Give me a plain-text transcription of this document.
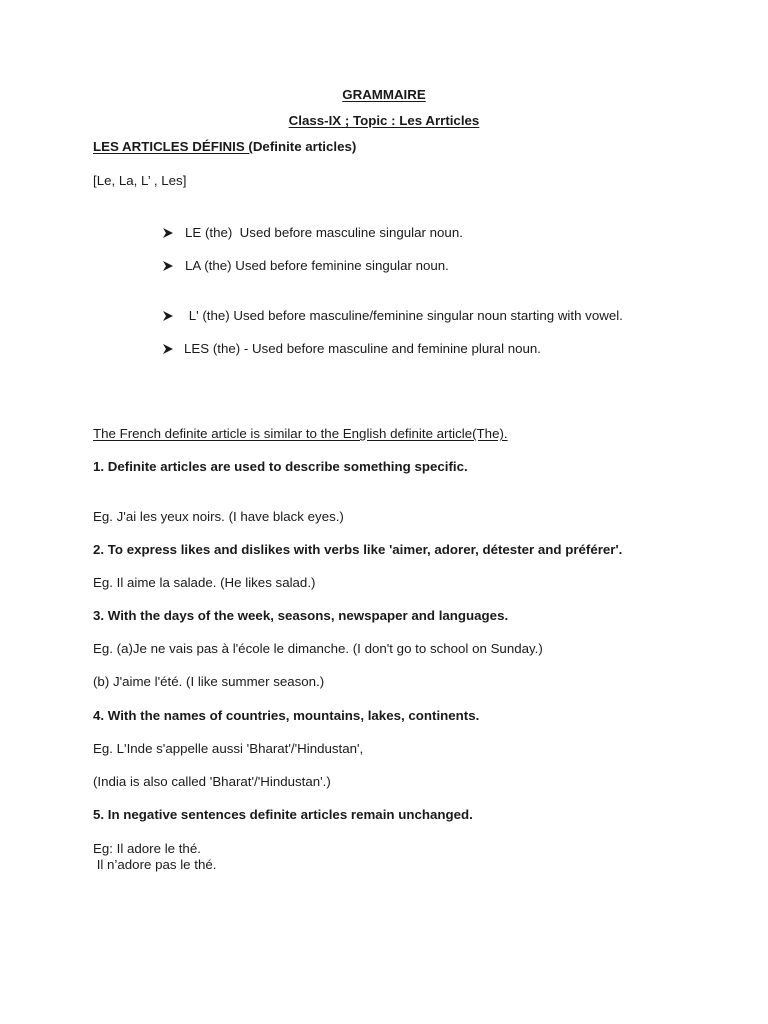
GRAMMAIRE
Class-IX ; Topic : Les Arrticles
LES ARTICLES DÉFINIS (Definite articles)
[Le, La, L’ , Les]
LE (the)  Used before masculine singular noun.
LA (the) Used before feminine singular noun.
L' (the) Used before masculine/feminine singular noun starting with vowel.
LES (the) - Used before masculine and feminine plural noun.
The French definite article is similar to the English definite article(The).
1. Definite articles are used to describe something specific.
Eg. J'ai les yeux noirs. (I have black eyes.)
2. To express likes and dislikes with verbs like 'aimer, adorer, détester and préférer'.
Eg. Il aime la salade. (He likes salad.)
3. With the days of the week, seasons, newspaper and languages.
Eg. (a)Je ne vais pas à l'école le dimanche. (I don't go to school on Sunday.)
(b) J'aime l'été. (I like summer season.)
4. With the names of countries, mountains, lakes, continents.
Eg. L'Inde s'appelle aussi 'Bharat'/'Hindustan',
(India is also called 'Bharat'/'Hindustan'.)
5. In negative sentences definite articles remain unchanged.
Eg: Il adore le thé.
Il n’adore pas le thé.
